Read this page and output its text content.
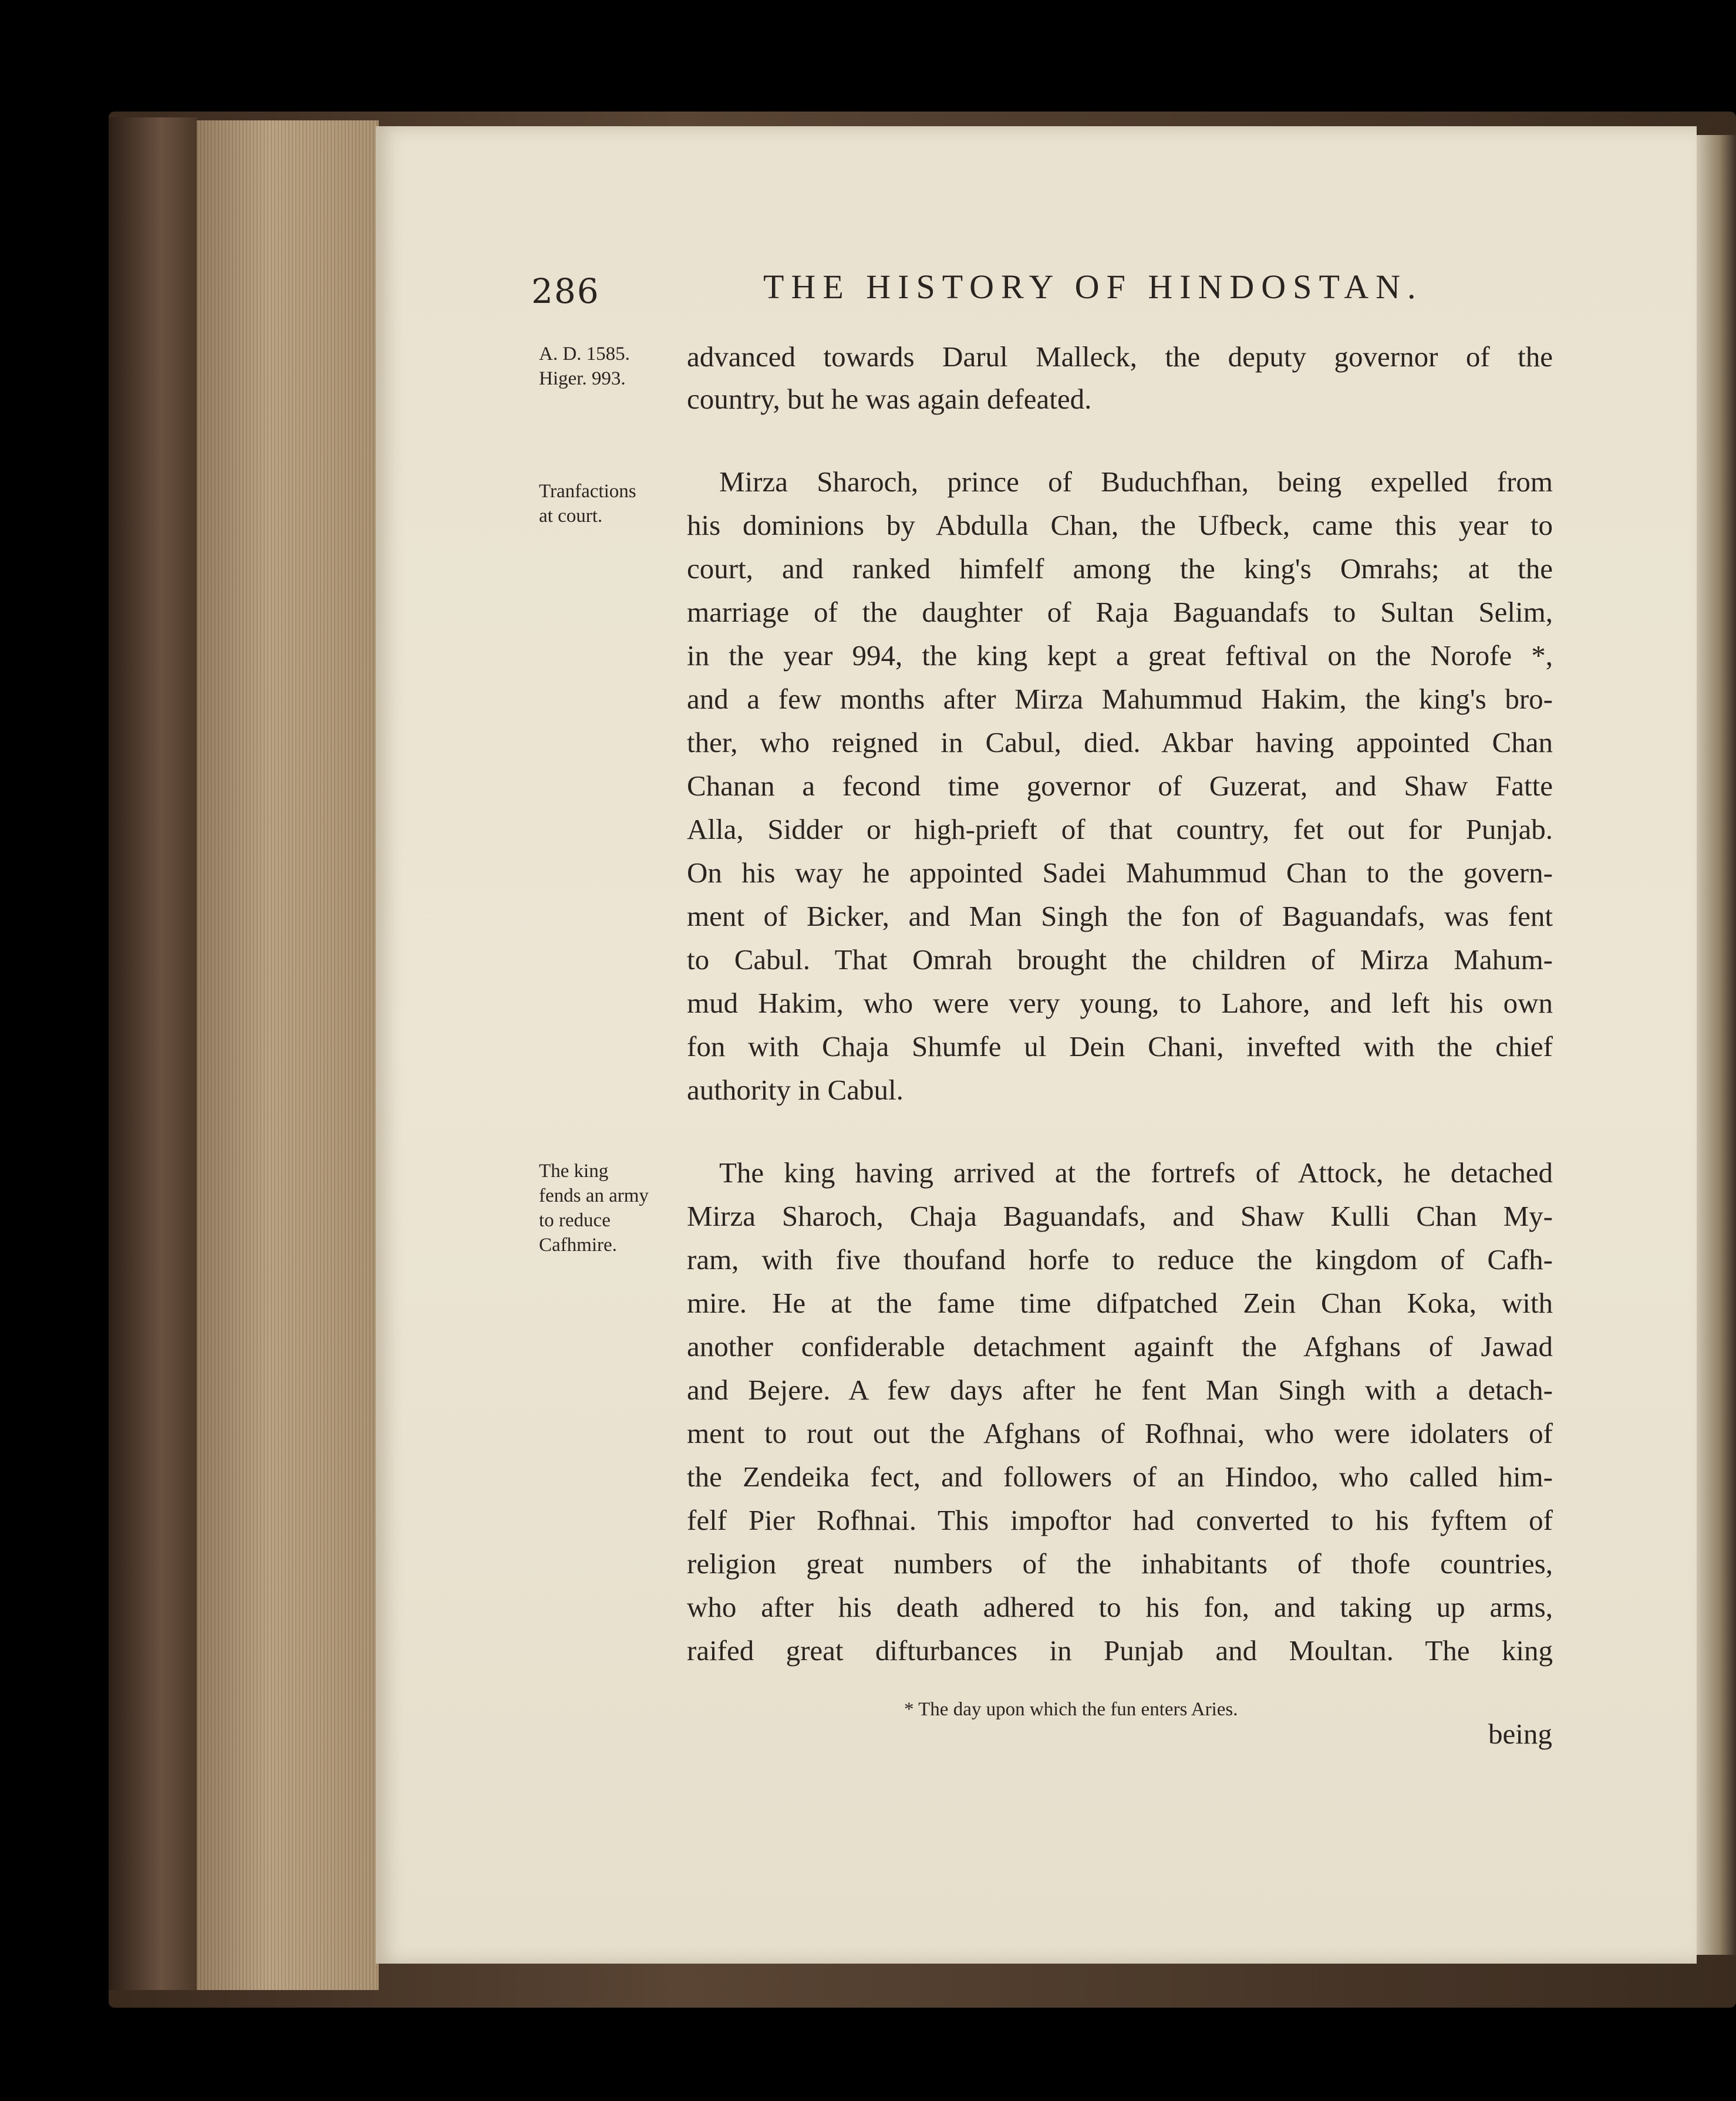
286	THE HISTORY OF HINDOSTAN.
A. D. 1585.
Higer. 993.
Tranfactions
at court.
The king
fends an army
to reduce
Cafhmire.
advanced towards Darul Malleck, the deputy governor of the
country, but he was again defeated.
Mirza Sharoch, prince of Buduchfhan, being expelled from
his dominions by Abdulla Chan, the Ufbeck, came this year to
court, and ranked himfelf among the king's Omrahs; at the
marriage of the daughter of Raja Baguandafs to Sultan Selim,
in the year 994, the king kept a great feftival on the Norofe *,
and a few months after Mirza Mahummud Hakim, the king's bro-
ther, who reigned in Cabul, died. Akbar having appointed Chan
Chanan a fecond time governor of Guzerat, and Shaw Fatte
Alla, Sidder or high-prieft of that country, fet out for Punjab.
On his way he appointed Sadei Mahummud Chan to the govern-
ment of Bicker, and Man Singh the fon of Baguandafs, was fent
to Cabul. That Omrah brought the children of Mirza Mahum-
mud Hakim, who were very young, to Lahore, and left his own
fon with Chaja Shumfe ul Dein Chani, invefted with the chief
authority in Cabul.
The king having arrived at the fortrefs of Attock, he detached
Mirza Sharoch, Chaja Baguandafs, and Shaw Kulli Chan My-
ram, with five thoufand horfe to reduce the kingdom of Cafh-
mire. He at the fame time difpatched Zein Chan Koka, with
another confiderable detachment againft the Afghans of Jawad
and Bejere. A few days after he fent Man Singh with a detach-
ment to rout out the Afghans of Rofhnai, who were idolaters of
the Zendeika fect, and followers of an Hindoo, who called him-
felf Pier Rofhnai. This impoftor had converted to his fyftem of
religion great numbers of the inhabitants of thofe countries,
who after his death adhered to his fon, and taking up arms,
raifed great difturbances in Punjab and Moultan. The king
* The day upon which the fun enters Aries.
being
